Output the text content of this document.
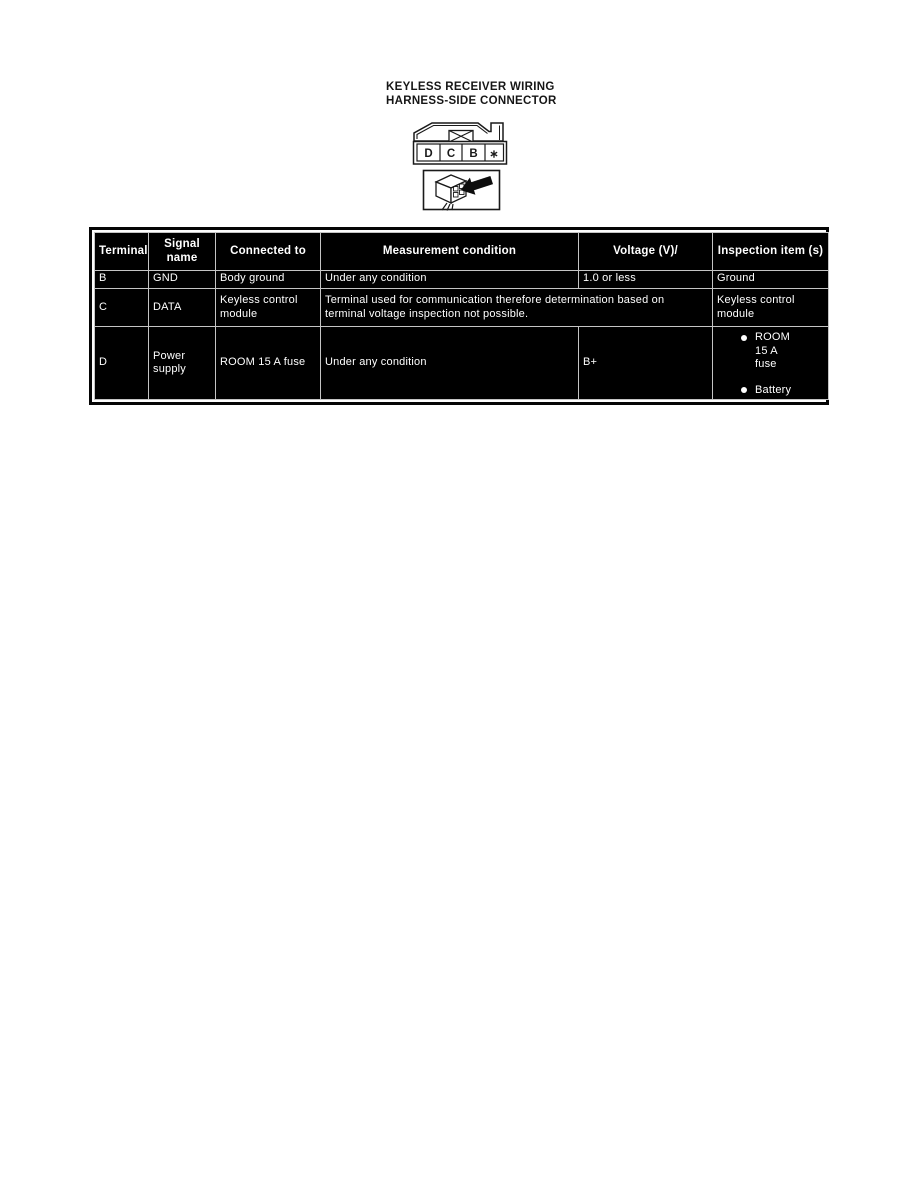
KEYLESS RECEIVER WIRING
HARNESS-SIDE CONNECTOR
D C B ∗
Terminal	Signal name	Connected to	Measurement condition	Voltage (V)/	Inspection item (s)
B	GND	Body ground	Under any condition	1.0 or less	Ground
C	DATA	Keyless control module	Terminal used for communication therefore determination based on terminal voltage inspection not possible.		Keyless control module
D	Power supply	ROOM 15 A fuse	Under any condition	B+	ROOM 15 A fuse
Battery
